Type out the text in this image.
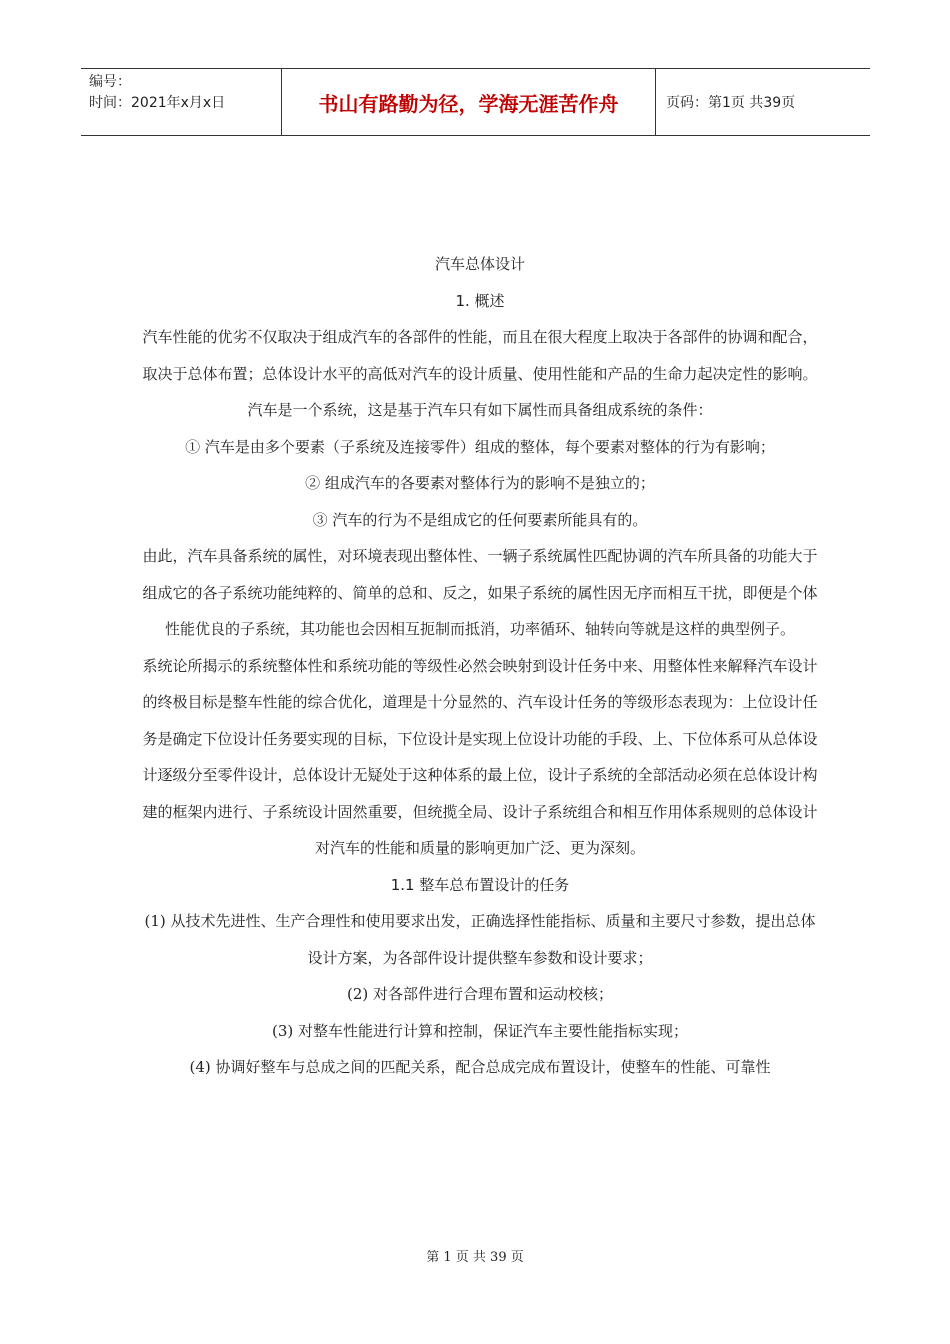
编号：
时间：2021年x月x日	书山有路勤为径，学海无涯苦作舟	页码：第1页 共39页

汽车总体设计

1. 概述

汽车性能的优劣不仅取决于组成汽车的各部件的性能，而且在很大程度上取决于各部件的协调和配合，取决于总体布置；总体设计水平的高低对汽车的设计质量、使用性能和产品的生命力起决定性的影响。

汽车是一个系统，这是基于汽车只有如下属性而具备组成系统的条件：

① 汽车是由多个要素（子系统及连接零件）组成的整体，每个要素对整体的行为有影响；

② 组成汽车的各要素对整体行为的影响不是独立的；

③ 汽车的行为不是组成它的任何要素所能具有的。

由此，汽车具备系统的属性，对环境表现出整体性、一辆子系统属性匹配协调的汽车所具备的功能大于组成它的各子系统功能纯粹的、简单的总和、反之，如果子系统的属性因无序而相互干扰，即便是个体性能优良的子系统，其功能也会因相互扼制而抵消，功率循环、轴转向等就是这样的典型例子。

系统论所揭示的系统整体性和系统功能的等级性必然会映射到设计任务中来、用整体性来解释汽车设计的终极目标是整车性能的综合优化，道理是十分显然的、汽车设计任务的等级形态表现为：上位设计任务是确定下位设计任务要实现的目标，下位设计是实现上位设计功能的手段、上、下位体系可从总体设计逐级分至零件设计，总体设计无疑处于这种体系的最上位，设计子系统的全部活动必须在总体设计构建的框架内进行、子系统设计固然重要，但统揽全局、设计子系统组合和相互作用体系规则的总体设计对汽车的性能和质量的影响更加广泛、更为深刻。

1.1 整车总布置设计的任务

(1) 从技术先进性、生产合理性和使用要求出发，正确选择性能指标、质量和主要尺寸参数，提出总体设计方案，为各部件设计提供整车参数和设计要求；

(2) 对各部件进行合理布置和运动校核；

(3) 对整车性能进行计算和控制，保证汽车主要性能指标实现；

(4) 协调好整车与总成之间的匹配关系，配合总成完成布置设计，使整车的性能、可靠性

第 1 页 共 39 页
